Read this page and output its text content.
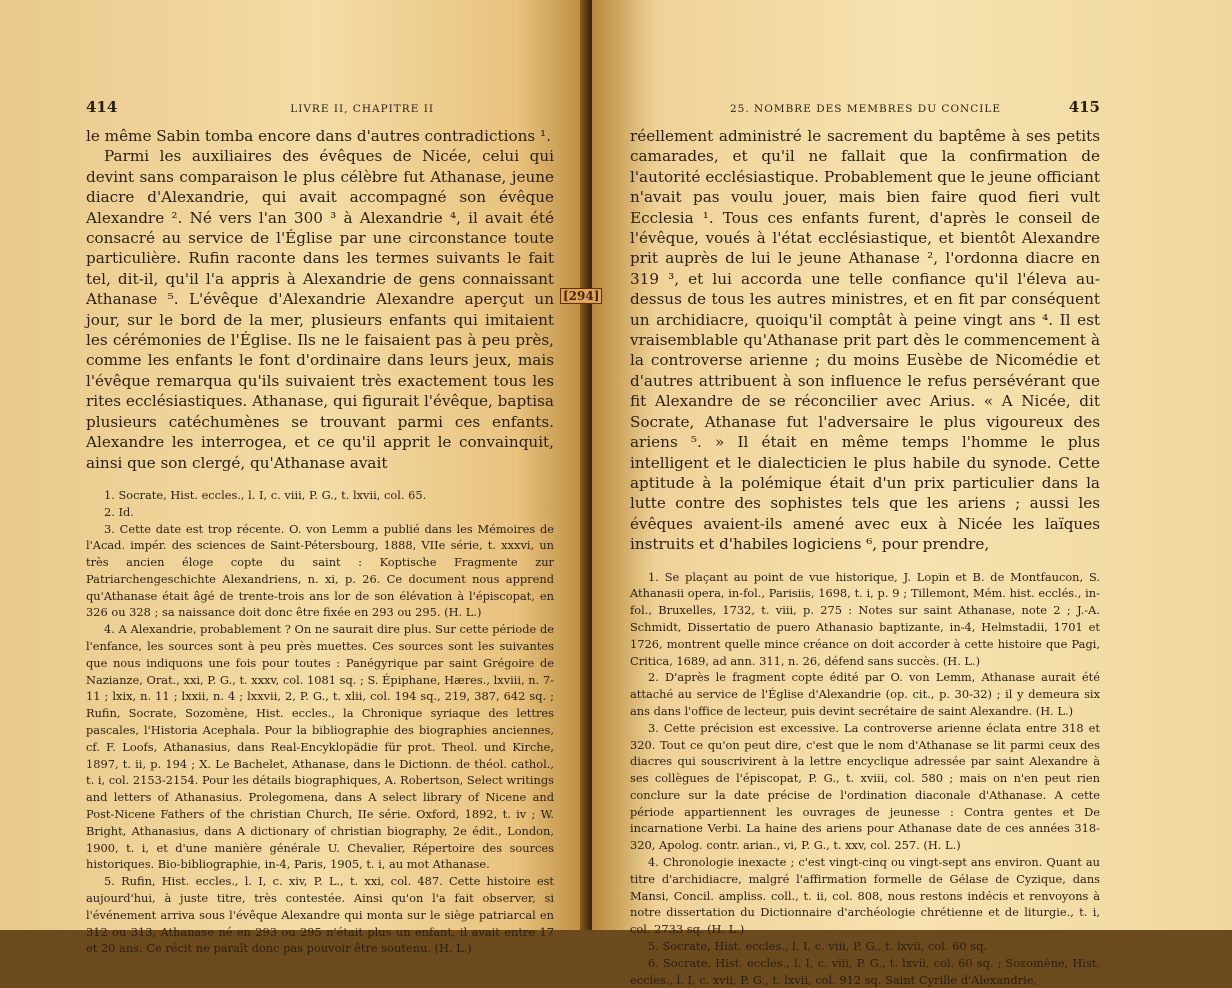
414	LIVRE II, CHAPITRE II

le même Sabin tomba encore dans d'autres contradictions ¹.

Parmi les auxiliaires des évêques de Nicée, celui qui devint sans comparaison le plus célèbre fut Athanase, jeune diacre d'Alexandrie, qui avait accompagné son évêque Alexandre ². Né vers l'an 300 ³ à Alexandrie ⁴, il avait été consacré au service de l'Église par une circonstance toute particulière. Rufin raconte dans les termes suivants le fait tel, dit-il, qu'il l'a appris à Alexandrie de gens connaissant Athanase ⁵. L'évêque d'Alexandrie Alexandre aperçut un jour, sur le bord de la mer, plusieurs enfants qui imitaient les cérémonies de l'Église. Ils ne le faisaient pas à peu près, comme les enfants le font d'ordinaire dans leurs jeux, mais l'évêque remarqua qu'ils suivaient très exactement tous les rites ecclésiastiques. Athanase, qui figurait l'évêque, baptisa plusieurs catéchumènes se trouvant parmi ces enfants. Alexandre les interrogea, et ce qu'il apprit le convainquit, ainsi que son clergé, qu'Athanase avait

1. Socrate, Hist. eccles., l. I, c. viii, P. G., t. lxvii, col. 65.

2. Id.

3. Cette date est trop récente. O. von Lemm a publié dans les Mémoires de l'Acad. impér. des sciences de Saint-Pétersbourg, 1888, VIIe série, t. xxxvi, un très ancien éloge copte du saint : Koptische Fragmente zur Patriarchengeschichte Alexandriens, n. xi, p. 26. Ce document nous apprend qu'Athanase était âgé de trente-trois ans lor de son élévation à l'épiscopat, en 326 ou 328 ; sa naissance doit donc être fixée en 293 ou 295. (H. L.)

4. A Alexandrie, probablement ? On ne saurait dire plus. Sur cette période de l'enfance, les sources sont à peu près muettes. Ces sources sont les suivantes que nous indiquons une fois pour toutes : Panégyrique par saint Grégoire de Nazianze, Orat., xxi, P. G., t. xxxv, col. 1081 sq. ; S. Épiphane, Hæres., lxviii, n. 7-11 ; lxix, n. 11 ; lxxii, n. 4 ; lxxvii, 2, P. G., t. xlii, col. 194 sq., 219, 387, 642 sq. ; Rufin, Socrate, Sozomène, Hist. eccles., la Chronique syriaque des lettres pascales, l'Historia Acephala. Pour la bibliographie des biographies anciennes, cf. F. Loofs, Athanasius, dans Real-Encyklopädie für prot. Theol. und Kirche, 1897, t. ii, p. 194 ; X. Le Bachelet, Athanase, dans le Dictionn. de théol. cathol., t. i, col. 2153-2154. Pour les détails biographiques, A. Robertson, Select writings and letters of Athanasius. Prolegomena, dans A select library of Nicene and Post-Nicene Fathers of the christian Church, IIe série. Oxford, 1892, t. iv ; W. Bright, Athanasius, dans A dictionary of christian biography, 2e édit., London, 1900, t. i, et d'une manière générale U. Chevalier, Répertoire des sources historiques. Bio-bibliographie, in-4, Paris, 1905, t. i, au mot Athanase.

5. Rufin, Hist. eccles., l. I, c. xiv, P. L., t. xxi, col. 487. Cette histoire est aujourd'hui, à juste titre, très contestée. Ainsi qu'on l'a fait observer, si l'événement arriva sous l'évêque Alexandre qui monta sur le siège patriarcal en 312 ou 313, Athanase né en 293 ou 295 n'était plus un enfant, il avait entre 17 et 20 ans. Ce récit ne paraît donc pas pouvoir être soutenu. (H. L.)

25. NOMBRE DES MEMBRES DU CONCILE	415

réellement administré le sacrement du baptême à ses petits camarades, et qu'il ne fallait que la confirmation de l'autorité ecclésiastique. Probablement que le jeune officiant n'avait pas voulu jouer, mais bien faire quod fieri vult Ecclesia ¹. Tous ces enfants furent, d'après le conseil de l'évêque, voués à l'état ecclésiastique, et bientôt Alexandre prit auprès de lui le jeune Athanase ², l'ordonna diacre en 319 ³, et lui accorda une telle confiance qu'il l'éleva au-dessus de tous les autres ministres, et en fit par conséquent un archidiacre, quoiqu'il comptât à peine vingt ans ⁴. Il est vraisemblable qu'Athanase prit part dès le commencement à la controverse arienne ; du moins Eusèbe de Nicomédie et d'autres attribuent à son influence le refus persévérant que fit Alexandre de se réconcilier avec Arius. « A Nicée, dit Socrate, Athanase fut l'adversaire le plus vigoureux des ariens ⁵. » Il était en même temps l'homme le plus intelligent et le dialecticien le plus habile du synode. Cette aptitude à la polémique était d'un prix particulier dans la lutte contre des sophistes tels que les ariens ; aussi les évêques avaient-ils amené avec eux à Nicée les laïques instruits et d'habiles logiciens ⁶, pour prendre,

1. Se plaçant au point de vue historique, J. Lopin et B. de Montfaucon, S. Athanasii opera, in-fol., Parisiis, 1698, t. i, p. 9 ; Tillemont, Mém. hist. ecclés., in-fol., Bruxelles, 1732, t. viii, p. 275 : Notes sur saint Athanase, note 2 ; J.-A. Schmidt, Dissertatio de puero Athanasio baptizante, in-4, Helmstadii, 1701 et 1726, montrent quelle mince créance on doit accorder à cette histoire que Pagi, Critica, 1689, ad ann. 311, n. 26, défend sans succès. (H. L.)

2. D'après le fragment copte édité par O. von Lemm, Athanase aurait été attaché au service de l'Église d'Alexandrie (op. cit., p. 30-32) ; il y demeura six ans dans l'office de lecteur, puis devint secrétaire de saint Alexandre. (H. L.)

3. Cette précision est excessive. La controverse arienne éclata entre 318 et 320. Tout ce qu'on peut dire, c'est que le nom d'Athanase se lit parmi ceux des diacres qui souscrivirent à la lettre encyclique adressée par saint Alexandre à ses collègues de l'épiscopat, P. G., t. xviii, col. 580 ; mais on n'en peut rien conclure sur la date précise de l'ordination diaconale d'Athanase. A cette période appartiennent les ouvrages de jeunesse : Contra gentes et De incarnatione Verbi. La haine des ariens pour Athanase date de ces années 318-320, Apolog. contr. arian., vi, P. G., t. xxv, col. 257. (H. L.)

4. Chronologie inexacte ; c'est vingt-cinq ou vingt-sept ans environ. Quant au titre d'archidiacre, malgré l'affirmation formelle de Gélase de Cyzique, dans Mansi, Concil. ampliss. coll., t. ii, col. 808, nous restons indécis et renvoyons à notre dissertation du Dictionnaire d'archéologie chrétienne et de liturgie., t. i, col. 2733 sq. (H. L.)

5. Socrate, Hist. eccles., l. I, c. viii, P. G., t. lxvii, col. 60 sq.

6. Socrate, Hist. eccles., l. I, c. viii, P. G., t. lxvii, col. 60 sq. ; Sozomène, Hist. eccles., l. I, c. xvii, P. G., t. lxvii, col. 912 sq. Saint Cyrille d'Alexandrie,

[294]
